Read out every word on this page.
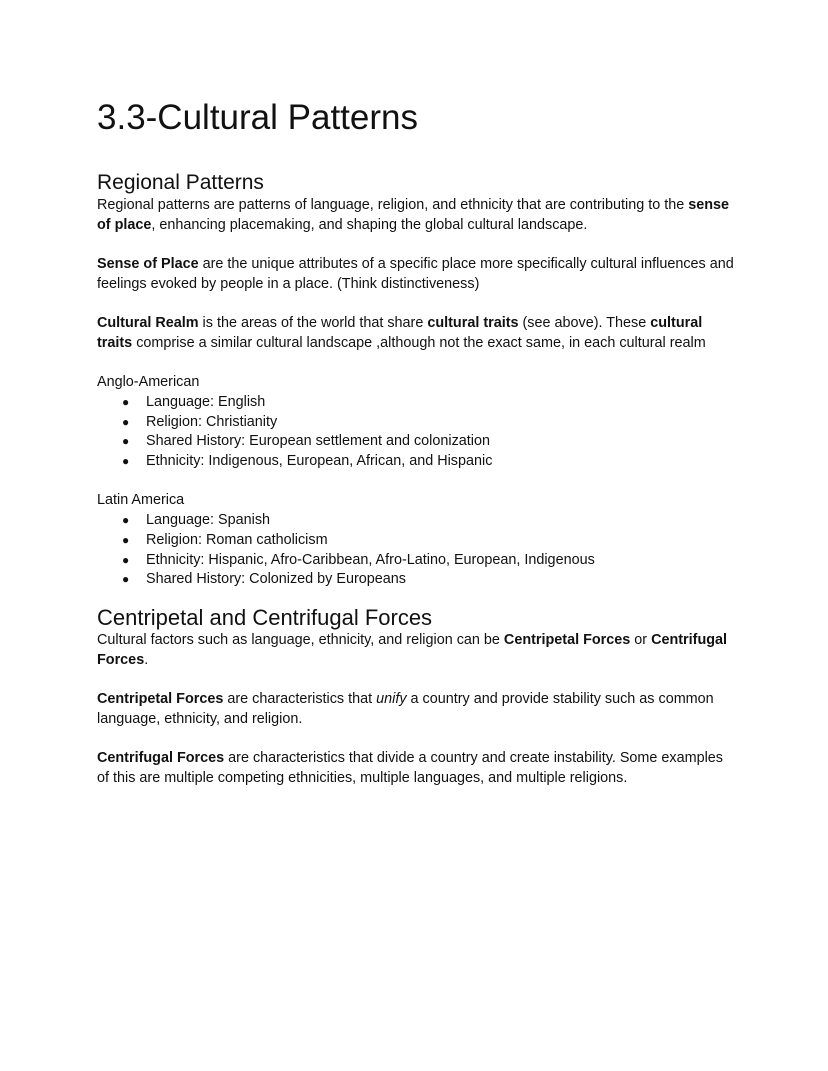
3.3-Cultural Patterns
Regional Patterns

Regional patterns are patterns of language, religion, and ethnicity that are contributing to the sense of place, enhancing placemaking, and shaping the global cultural landscape.

Sense of Place are the unique attributes of a specific place more specifically cultural influences and feelings evoked by people in a place. (Think distinctiveness)

Cultural Realm is the areas of the world that share cultural traits (see above). These cultural traits comprise a similar cultural landscape ,although not the exact same, in each cultural realm

Anglo-American

● Language: English
● Religion: Christianity
● Shared History: European settlement and colonization
● Ethnicity: Indigenous, European, African, and Hispanic

Latin America

● Language: Spanish
● Religion: Roman catholicism
● Ethnicity: Hispanic, Afro-Caribbean, Afro-Latino, European, Indigenous
● Shared History: Colonized by Europeans
Centripetal and Centrifugal Forces

Cultural factors such as language, ethnicity, and religion can be Centripetal Forces or Centrifugal Forces.

Centripetal Forces are characteristics that unify a country and provide stability such as common language, ethnicity, and religion.

Centrifugal Forces are characteristics that divide a country and create instability. Some examples of this are multiple competing ethnicities, multiple languages, and multiple religions.
